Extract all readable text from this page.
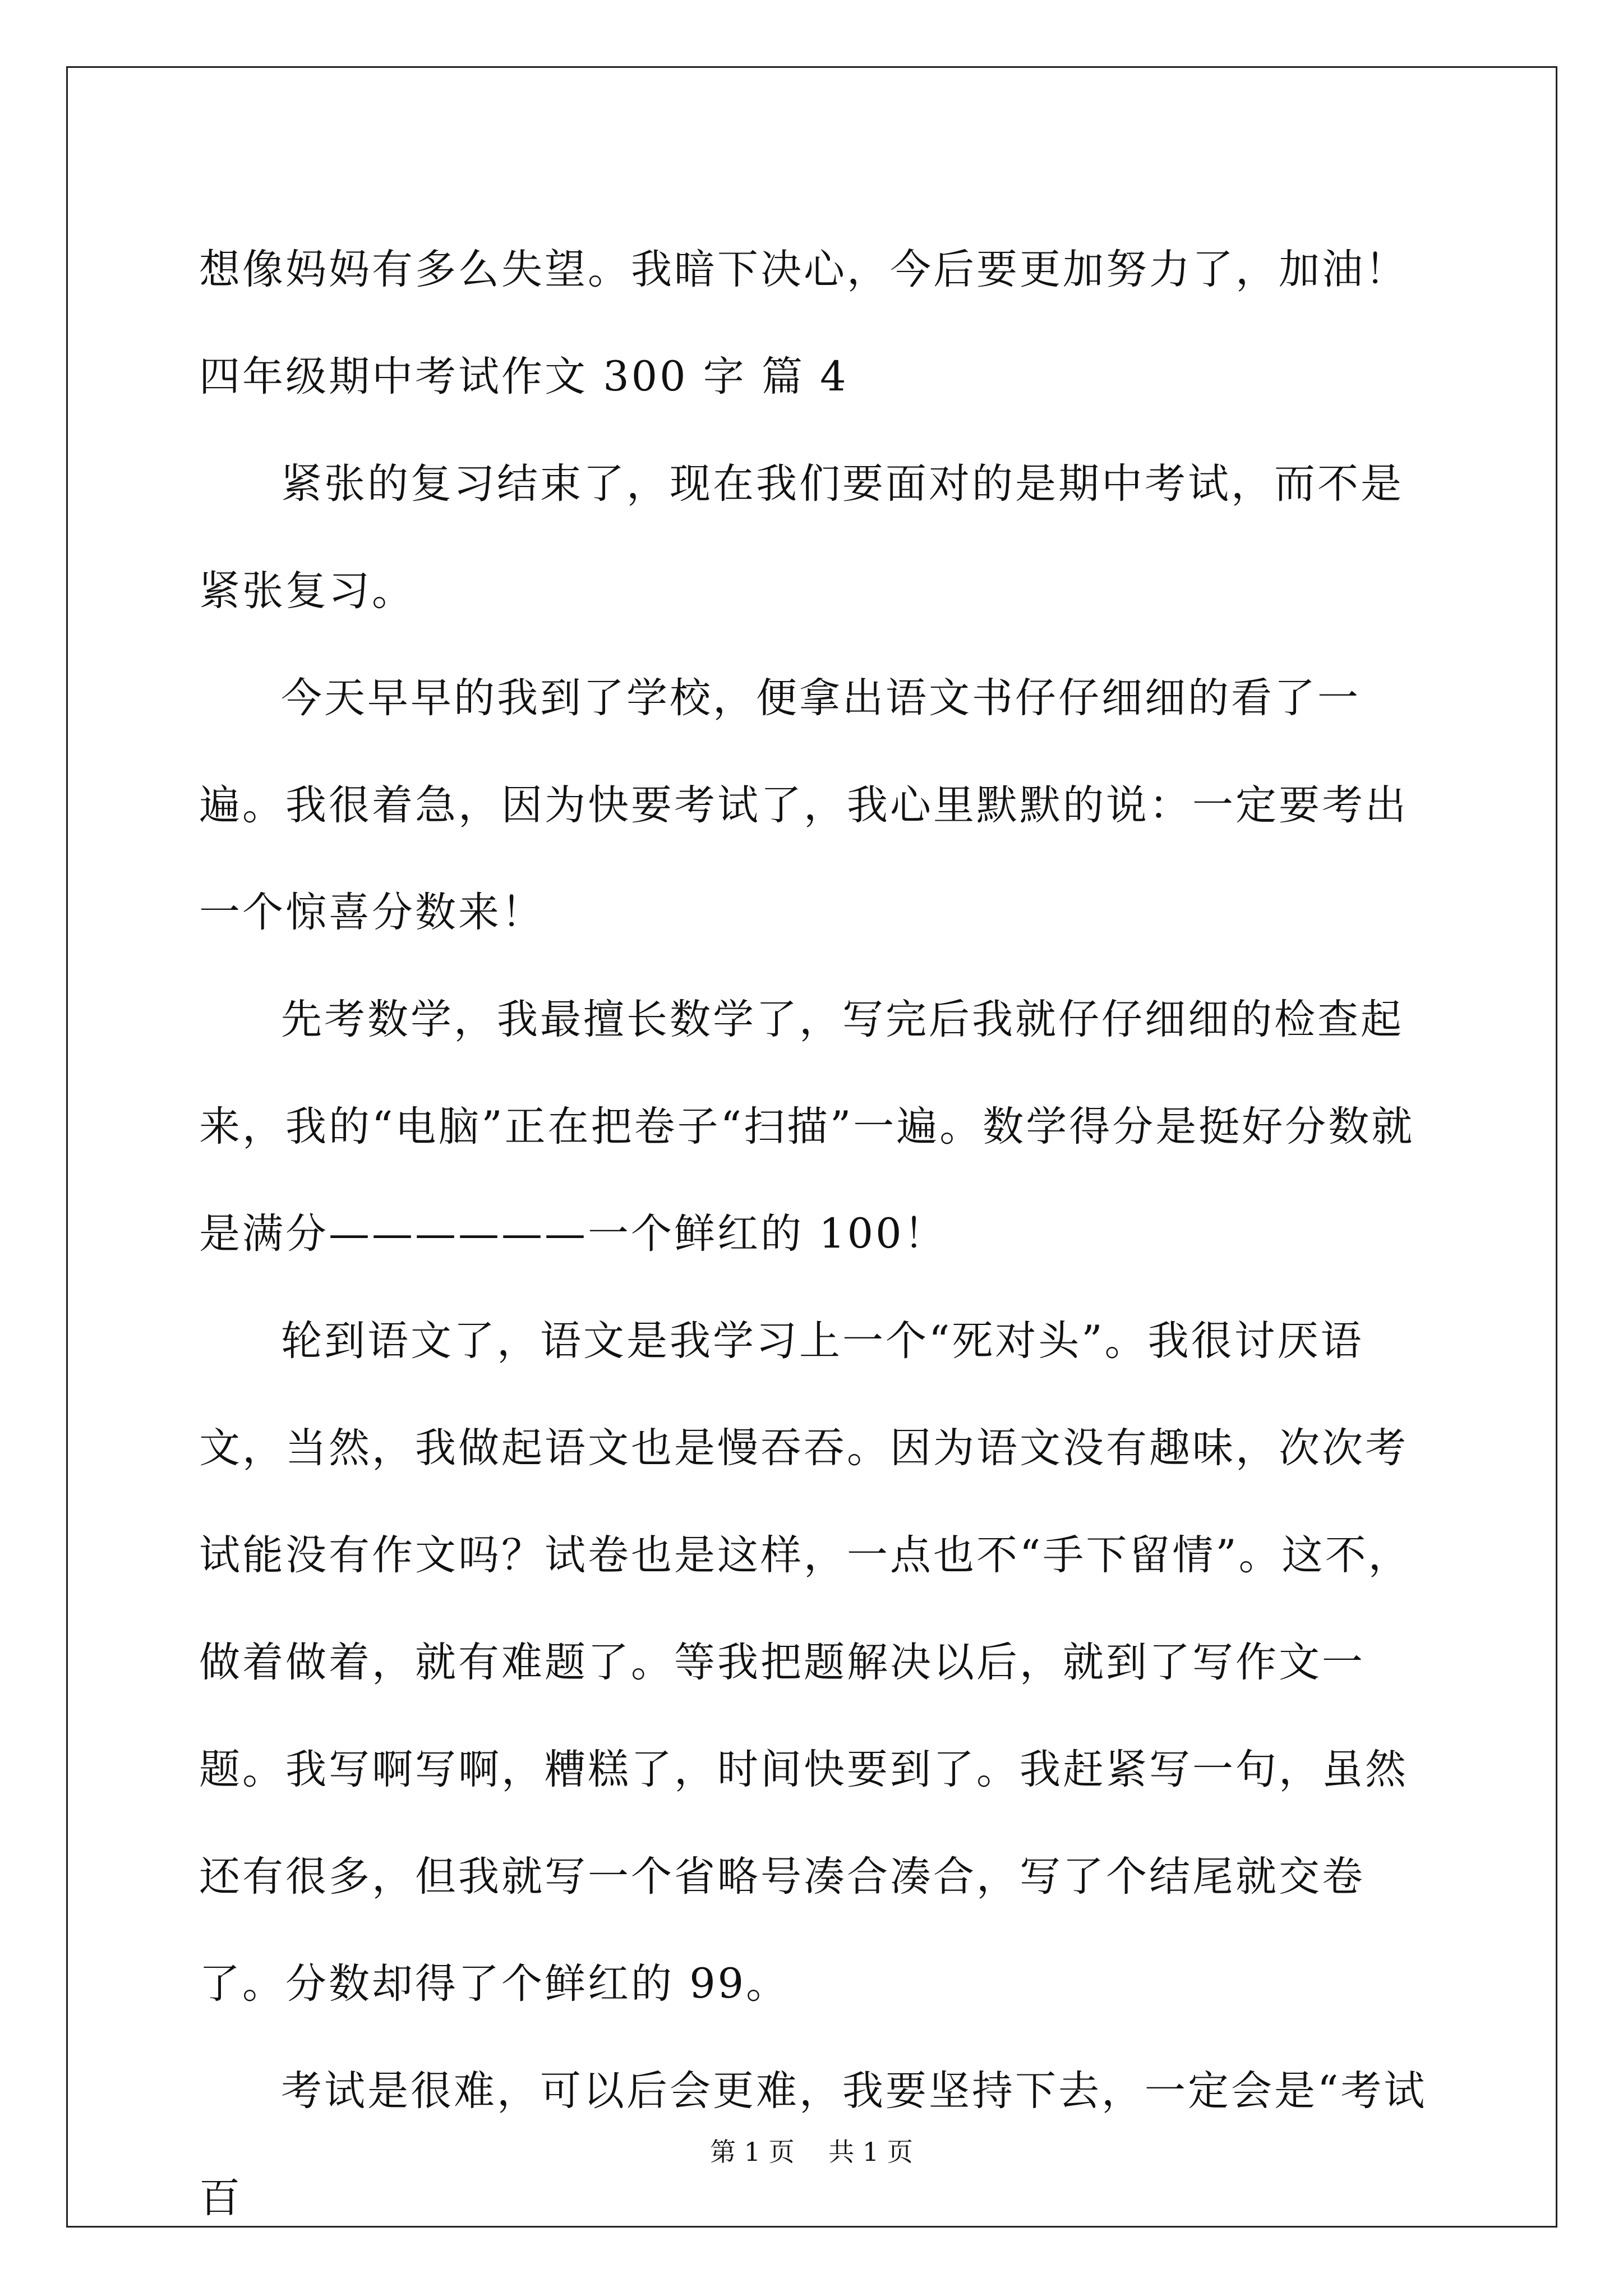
想像妈妈有多么失望。我暗下决心，今后要更加努力了，加油！

四年级期中考试作文 300 字 篇 4

紧张的复习结束了，现在我们要面对的是期中考试，而不是紧张复习。

今天早早的我到了学校，便拿出语文书仔仔细细的看了一遍。我很着急，因为快要考试了，我心里默默的说：一定要考出一个惊喜分数来！

先考数学，我最擅长数学了，写完后我就仔仔细细的检查起来，我的“电脑”正在把卷子“扫描”一遍。数学得分是挺好分数就是满分——————一个鲜红的 100！

轮到语文了，语文是我学习上一个“死对头”。我很讨厌语文，当然，我做起语文也是慢吞吞。因为语文没有趣味，次次考试能没有作文吗？试卷也是这样，一点也不“手下留情”。这不，做着做着，就有难题了。等我把题解决以后，就到了写作文一题。我写啊写啊，糟糕了，时间快要到了。我赶紧写一句，虽然还有很多，但我就写一个省略号凑合凑合，写了个结尾就交卷了。分数却得了个鲜红的 99。

考试是很难，可以后会更难，我要坚持下去，一定会是“考试百

第 1 页　 共 1 页
